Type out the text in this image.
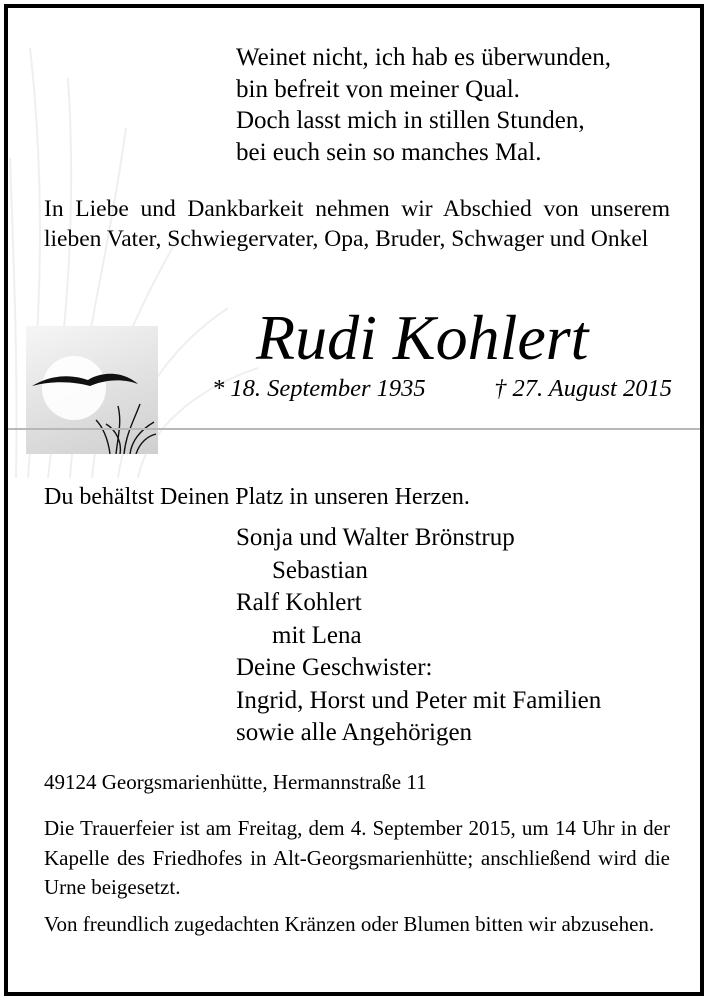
Weinet nicht, ich hab es überwunden,
bin befreit von meiner Qual.
Doch lasst mich in stillen Stunden,
bei euch sein so manches Mal.
In Liebe und Dankbarkeit nehmen wir Abschied von unserem lieben Vater, Schwiegervater, Opa, Bruder, Schwager und Onkel
Rudi Kohlert
* 18. September 1935	† 27. August 2015
Du behältst Deinen Platz in unseren Herzen.
Sonja und Walter Brönstrup
Sebastian
Ralf Kohlert
mit Lena
Deine Geschwister:
Ingrid, Horst und Peter mit Familien
sowie alle Angehörigen
49124 Georgsmarienhütte, Hermannstraße 11
Die Trauerfeier ist am Freitag, dem 4. September 2015, um 14 Uhr in der Kapelle des Friedhofes in Alt-Georgsmarienhütte; anschließend wird die Urne beigesetzt.
Von freundlich zugedachten Kränzen oder Blumen bitten wir abzusehen.
